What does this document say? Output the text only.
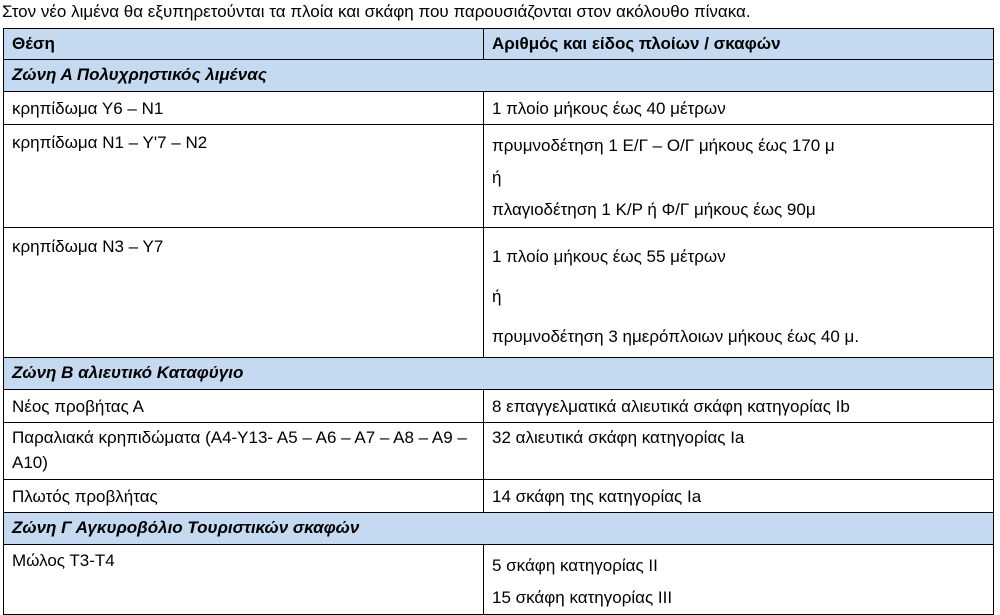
Στον νέο λιμένα θα εξυπηρετούνται τα πλοία και σκάφη που παρουσιάζονται στον ακόλουθο πίνακα.
Θέση	Αριθμός και είδος πλοίων / σκαφών
Ζώνη Α Πολυχρηστικός λιμένας	
κρηπίδωμα Υ6 – Ν1	1 πλοίο μήκους έως 40 μέτρων
κρηπίδωμα Ν1 – Υ'7 – Ν2	πρυμνοδέτηση 1 Ε/Γ – Ο/Γ μήκους έως 170 μ
ή
πλαγιοδέτηση 1 Κ/Ρ ή Φ/Γ μήκους έως 90μ

κρηπίδωμα Ν3 – Υ7	1 πλοίο μήκους έως 55 μέτρων
ή
πρυμνοδέτηση 3 ημερόπλοιων μήκους έως 40 μ.

Ζώνη Β αλιευτικό Καταφύγιο	
Νέος προβήτας Α	8 επαγγελματικά αλιευτικά σκάφη κατηγορίας Ib
Παραλιακά κρηπιδώματα (Α4-Υ13- Α5 – Α6 – Α7 – Α8 – Α9 – Α10)	32 αλιευτικά σκάφη κατηγορίας Ia
Πλωτός προβλήτας	14 σκάφη της κατηγορίας Ia
Ζώνη Γ Αγκυροβόλιο Τουριστικών σκαφών	
Μώλος Τ3-Τ4	5 σκάφη κατηγορίας II
15 σκάφη κατηγορίας III
